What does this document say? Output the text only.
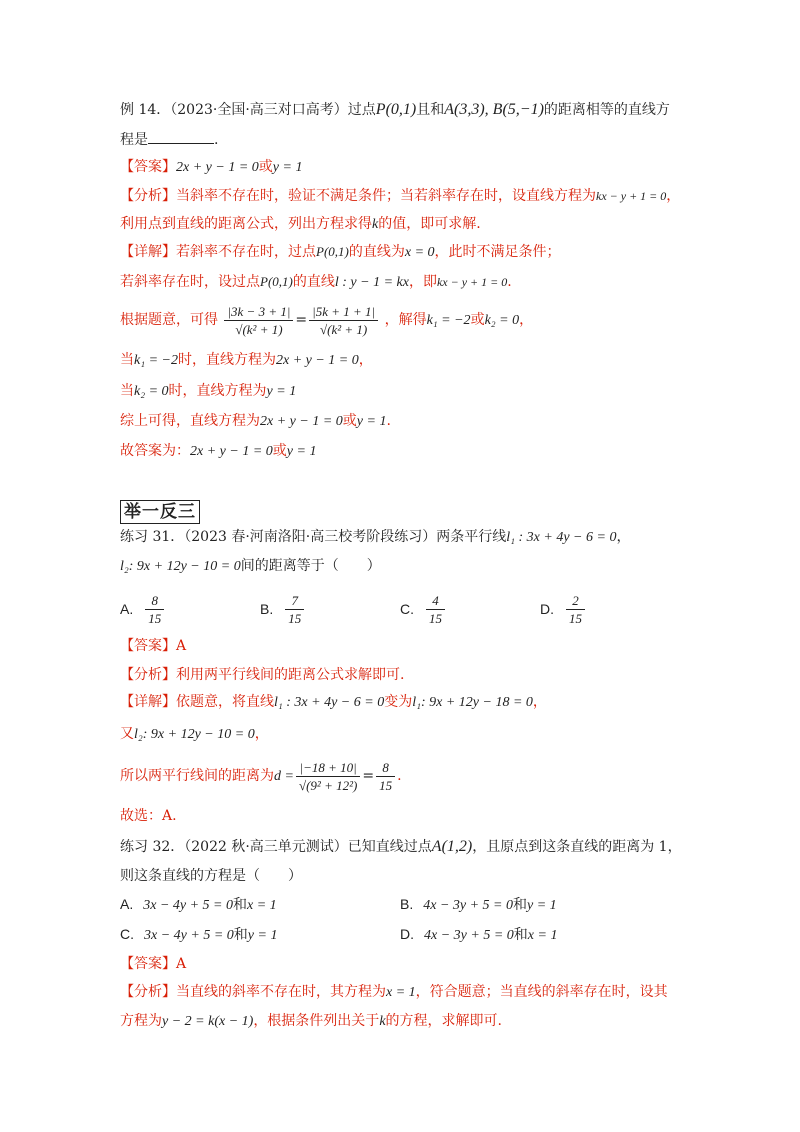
例 14．（2023·全国·高三对口高考）过点P(0,1)且和A(3,3), B(5,−1)的距离相等的直线方
程是	.
【答案】2x + y − 1 = 0或y = 1
【分析】当斜率不存在时，验证不满足条件；当若斜率存在时，设直线方程为kx − y + 1 = 0，
利用点到直线的距离公式，列出方程求得k的值，即可求解.
【详解】若斜率不存在时，过点P(0,1)的直线为x = 0，此时不满足条件；
若斜率存在时，设过点P(0,1)的直线l : y − 1 = kx，即kx − y + 1 = 0.
根据题意，可得 $\frac{|3k - 3 + 1|}{\text{√(k² + 1)}} = \frac{|5k + 1 + 1|}{\text{√(k² + 1)}}$ ，解得k₁ = −2或k₂ = 0，
当k₁ = −2时，直线方程为2x + y − 1 = 0，
当k₂ = 0时，直线方程为y = 1
综上可得，直线方程为2x + y − 1 = 0或y = 1.
故答案为：2x + y − 1 = 0或y = 1
举一反三
练习 31．（2023 春·河南洛阳·高三校考阶段练习）两条平行线l₁ : 3x + 4y − 6 = 0，
l₂: 9x + 12y − 10 = 0间的距离等于（　　）
A. $\frac{8}{15}$	B. $\frac{7}{15}$	C. $\frac{4}{15}$	D. $\frac{2}{15}$
【答案】A
【分析】利用两平行线间的距离公式求解即可.
【详解】依题意，将直线l₁ : 3x + 4y − 6 = 0变为l₁: 9x + 12y − 18 = 0，
又l₂: 9x + 12y − 10 = 0，
所以两平行线间的距离为$d = \frac{|-18 + 10|}{\text{√(9² + 12²)}} = \frac{8}{15}$ .
故选：A.
练习 32．（2022 秋·高三单元测试）已知直线过点A(1,2)，且原点到这条直线的距离为 1，
则这条直线的方程是（　　）
A. 3x − 4y + 5 = 0和x = 1	B. 4x − 3y + 5 = 0和y = 1
C. 3x − 4y + 5 = 0和y = 1	D. 4x − 3y + 5 = 0和x = 1
【答案】A
【分析】当直线的斜率不存在时，其方程为x = 1，符合题意；当直线的斜率存在时，设其
方程为y − 2 = k(x − 1)，根据条件列出关于k的方程，求解即可.
